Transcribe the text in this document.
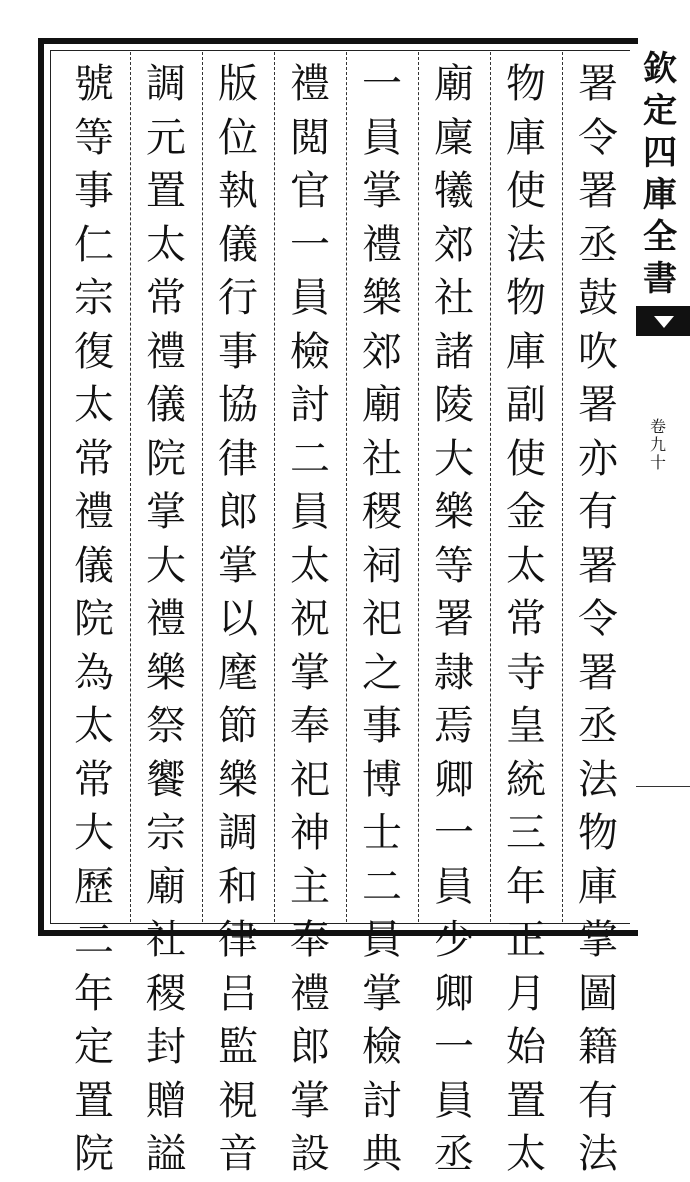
署
令
署
丞
鼓
吹
署
亦
有
署
令
署
丞
法
物
庫
掌
圖
籍
有
法
物
庫
使
法
物
庫
副
使
金
太
常
寺
皇
統
三
年
正
月
始
置
太
廟
廩
犧
郊
社
諸
陵
大
樂
等
署
隷
焉
卿
一
員
少
卿
一
員
丞
一
員
掌
禮
樂
郊
廟
社
稷
祠
祀
之
事
博
士
二
員
掌
檢
討
典
禮
閲
官
一
員
檢
討
二
員
太
祝
掌
奉
祀
神
主
奉
禮
郎
掌
設
版
位
執
儀
行
事
協
律
郎
掌
以
麾
節
樂
調
和
律
吕
監
視
音
調
元
置
太
常
禮
儀
院
掌
大
禮
樂
祭
饗
宗
廟
社
稷
封
贈
謚
號
等
事
仁
宗
復
太
常
禮
儀
院
為
太
常
大
歷
二
年
定
置
院
欽
定
四
庫
全
書
卷
九
十
